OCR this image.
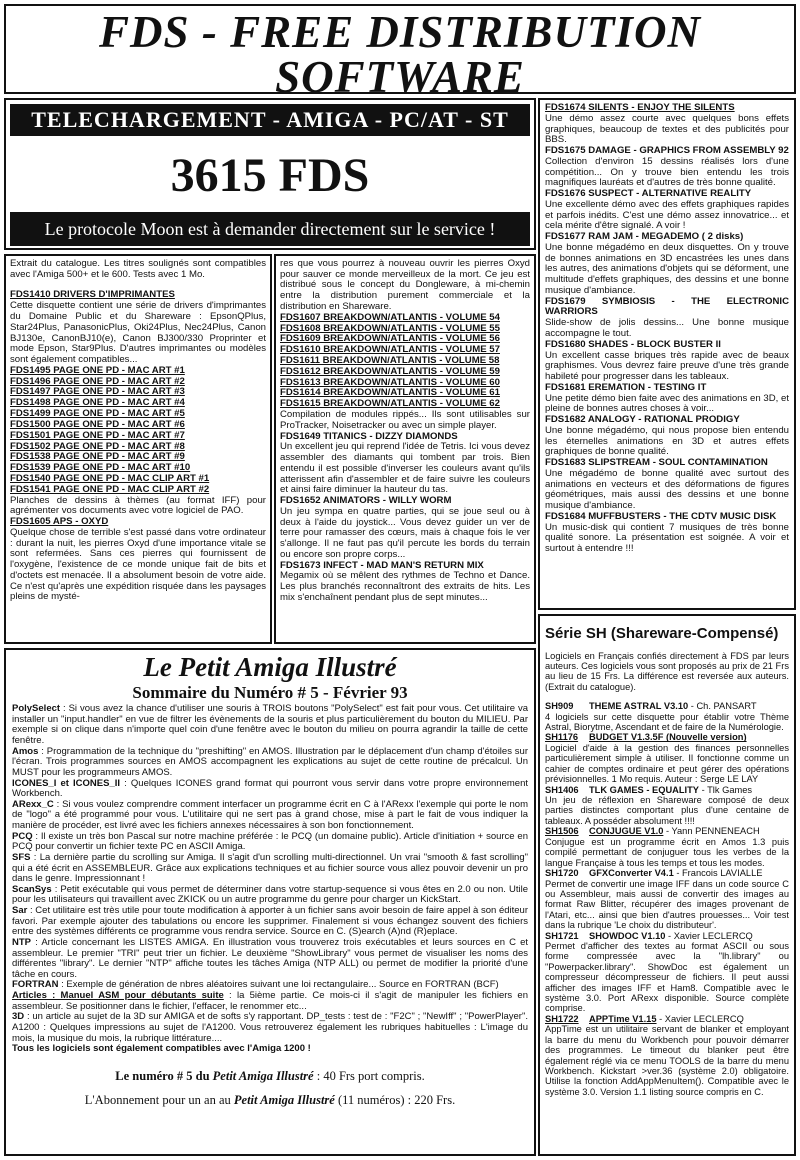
FDS - FREE DISTRIBUTION SOFTWARE
TELECHARGEMENT - AMIGA - PC/AT - ST
3615 FDS
Le protocole Moon est à demander directement sur le service !

Extrait du catalogue. Les titres soulignés sont compatibles avec l'Amiga 500+ et le 600. Tests avec 1 Mo.

FDS1410 DRIVERS D'IMPRIMANTES

Cette disquette contient une série de drivers d'imprimantes du Domaine Public et du Shareware : EpsonQPlus, Star24Plus, PanasonicPlus, Oki24Plus, Nec24Plus, Canon BJ130e, CanonBJ10(e), Canon BJ300/330 Proprinter et mode Epson, Star9Plus. D'autres imprimantes ou modèles sont également compatibles...

FDS1495 PAGE ONE PD - MAC ART #1
FDS1496 PAGE ONE PD - MAC ART #2
FDS1497 PAGE ONE PD - MAC ART #3
FDS1498 PAGE ONE PD - MAC ART #4
FDS1499 PAGE ONE PD - MAC ART #5
FDS1500 PAGE ONE PD - MAC ART #6
FDS1501 PAGE ONE PD - MAC ART #7
FDS1502 PAGE ONE PD - MAC ART #8
FDS1538 PAGE ONE PD - MAC ART #9
FDS1539 PAGE ONE PD - MAC ART #10
FDS1540 PAGE ONE PD - MAC CLIP ART #1
FDS1541 PAGE ONE PD - MAC CLIP ART #2

Planches de dessins à thèmes (au format IFF) pour agrémenter vos documents avec votre logiciel de PAO.

FDS1605 APS - OXYD

Quelque chose de terrible s'est passé dans votre ordinateur : durant la nuit, les pierres Oxyd d'une importance vitale se sont refermées. Sans ces pierres qui fournissent de l'oxygène, l'existence de ce monde unique fait de bits et d'octets est menacée. Il a absolument besoin de votre aide. Ce n'est qu'après une expédition risquée dans les paysages pleins de mysté-

res que vous pourrez à nouveau ouvrir les pierres Oxyd pour sauver ce monde merveilleux de la mort. Ce jeu est distribué sous le concept du Dongleware, à mi-chemin entre la distribution purement commerciale et la distribution en Shareware.

FDS1607 BREAKDOWN/ATLANTIS - VOLUME 54
FDS1608 BREAKDOWN/ATLANTIS - VOLUME 55
FDS1609 BREAKDOWN/ATLANTIS - VOLUME 56
FDS1610 BREAKDOWN/ATLANTIS - VOLUME 57
FDS1611 BREAKDOWN/ATLANTIS - VOLUME 58
FDS1612 BREAKDOWN/ATLANTIS - VOLUME 59
FDS1613 BREAKDOWN/ATLANTIS - VOLUME 60
FDS1614 BREAKDOWN/ATLANTIS - VOLUME 61
FDS1615 BREAKDOWN/ATLANTIS - VOLUME 62

Compilation de modules rippés... Ils sont utilisables sur ProTracker, Noisetracker ou avec un simple player.

FDS1649 TITANICS - DIZZY DIAMONDS

Un excellent jeu qui reprend l'idée de Tetris. Ici vous devez assembler des diamants qui tombent par trois. Bien entendu il est possible d'inverser les couleurs avant qu'ils atterissent afin d'assembler et de faire suivre les couleurs et ainsi faire diminuer la hauteur du tas.

FDS1652 ANIMATORS - WILLY WORM

Un jeu sympa en quatre parties, qui se joue seul ou à deux à l'aide du joystick... Vous devez guider un ver de terre pour ramasser des cœurs, mais à chaque fois le ver s'allonge. Il ne faut pas qu'il percute les bords du terrain ou encore son propre corps...

FDS1673 INFECT - MAD MAN'S RETURN MIX

Megamix où se mêlent des rythmes de Techno et Dance. Les plus branchés reconnaîtront des extraits de hits. Les mix s'enchaînent pendant plus de sept minutes...

FDS1674 SILENTS - ENJOY THE SILENTS

Une démo assez courte avec quelques bons effets graphiques, beaucoup de textes et des publicités pour BBS.

FDS1675 DAMAGE - GRAPHICS FROM ASSEMBLY 92

Collection d'environ 15 dessins réalisés lors d'une compétition... On y trouve bien entendu les trois magnifiques lauréats et d'autres de très bonne qualité.

FDS1676 SUSPECT - ALTERNATIVE REALITY

Une excellente démo avec des effets graphiques rapides et parfois inédits. C'est une démo assez innovatrice... et cela mérite d'être signalé. A voir !

FDS1677 RAM JAM - MEGADEMO ( 2 disks)

Une bonne mégadémo en deux disquettes. On y trouve de bonnes animations en 3D encastrées les unes dans les autres, des animations d'objets qui se déforment, une multitude d'effets graphiques, des dessins et une bonne musique d'ambiance.

FDS1679 SYMBIOSIS - THE ELECTRONIC WARRIORS

Slide-show de jolis dessins... Une bonne musique accompagne le tout.

FDS1680 SHADES - BLOCK BUSTER II

Un excellent casse briques très rapide avec de beaux graphismes. Vous devrez faire preuve d'une très grande habileté pour progresser dans les tableaux.

FDS1681 EREMATION - TESTING IT

Une petite démo bien faite avec des animations en 3D, et pleine de bonnes autres choses à voir...

FDS1682 ANALOGY - RATIONAL PRODIGY

Une bonne mégadémo, qui nous propose bien entendu les éternelles animations en 3D et autres effets graphiques de bonne qualité.

FDS1683 SLIPSTREAM - SOUL CONTAMINATION

Une mégadémo de bonne qualité avec surtout des animations en vecteurs et des déformations de figures géométriques, mais aussi des dessins et une bonne musique d'ambiance.

FDS1684 MUFFBUSTERS - THE CDTV MUSIC DISK

Un music-disk qui contient 7 musiques de très bonne qualité sonore. La présentation est soignée. A voir et surtout à entendre !!!

Série SH (Shareware-Compensé)

Logiciels en Français confiés directement à FDS par leurs auteurs. Ces logiciels vous sont proposés au prix de 21 Frs au lieu de 15 Frs. La différence est reversée aux auteurs. (Extrait du catalogue).

SH909 THEME ASTRAL V3.10 - Ch. PANSART

4 logiciels sur cette disquette pour établir votre Thème Astral, Biorytme, Ascendant et de faire de la Numérologie.

SH1176 BUDGET V1.3.5F (Nouvelle version)

Logiciel d'aide à la gestion des finances personnelles particulièrement simple à utiliser. Il fonctionne comme un cahier de comptes ordinaire et peut gérer des opérations prévisionnelles. 1 Mo requis. Auteur : Serge LE LAY

SH1406 TLK GAMES - EQUALITY - Tlk Games

Un jeu de réflexion en Shareware composé de deux parties distinctes comportant plus d'une centaine de tableaux. A posséder absolument !!!!

SH1506 CONJUGUE V1.0 - Yann PENNENEACH

Conjugue est un programme écrit en Amos 1.3 puis compilé permettant de conjuguer tous les verbes de la langue Française à tous les temps et tous les modes.

SH1720 GFXConverter V4.1 - Francois LAVIALLE

Permet de convertir une image IFF dans un code source C ou Assembleur, mais aussi de convertir des images au format Raw Blitter, récupérer des images provenant de l'Atari, etc... ainsi que bien d'autres prouesses... Voir test dans la rubrique 'Le choix du distributeur'.

SH1721 SHOWDOC V1.10 - Xavier LECLERCQ

Permet d'afficher des textes au format ASCII ou sous forme compressée avec la "lh.library" ou "Powerpacker.library". ShowDoc est également un compresseur décompresseur de fichiers. Il peut aussi afficher des images IFF et Ham8. Compatible avec le système 3.0. Port ARexx disponible. Source complète comprise.

SH1722 APPTime V1.15 - Xavier LECLERCQ

AppTime est un utilitaire servant de blanker et employant la barre du menu du Workbench pour pouvoir démarrer des programmes. Le timeout du blanker peut être également réglé via ce menu TOOLS de la barre du menu Workbench. Kickstart >ver.36 (système 2.0) obligatoire. Utilise la fonction AddAppMenuItem(). Compatible avec le système 3.0. Version 1.1 listing source compris en C.

Le Petit Amiga Illustré
Sommaire du Numéro # 5 - Février 93

PolySelect : Si vous avez la chance d'utiliser une souris à TROIS boutons "PolySelect" est fait pour vous. Cet utilitaire va installer un "input.handler" en vue de filtrer les évènements de la souris et plus particulièrement du bouton du MILIEU. Par exemple si on clique dans n'importe quel coin d'une fenêtre avec le bouton du milieu on pourra agrandir la taille de cette fenêtre.

Amos : Programmation de la technique du "preshifting" en AMOS. Illustration par le déplacement d'un champ d'étoiles sur l'écran. Trois programmes sources en AMOS accompagnent les explications au sujet de cette routine de précalcul. Un MUST pour les programmeurs AMOS.

ICONES_I et ICONES_II : Quelques ICONES grand format qui pourront vous servir dans votre propre environnement Workbench.

ARexx_C : Si vous voulez comprendre comment interfacer un programme écrit en C à l'ARexx l'exemple qui porte le nom de "logo" a été programmé pour vous. L'utilitaire qui ne sert pas à grand chose, mise à part le fait de vous indiquer la manière de procéder, est livré avec les fichiers annexes nécessaires à son bon fonctionnement.

PCQ : Il existe un très bon Pascal sur notre machine préférée : le PCQ (un domaine public). Article d'initiation + source en PCQ pour convertir un fichier texte PC en ASCII Amiga.

SFS : La dernière partie du scrolling sur Amiga. Il s'agit d'un scrolling multi-directionnel. Un vrai "smooth & fast scrolling" qui a été écrit en ASSEMBLEUR. Grâce aux explications techniques et au fichier source vous allez pouvoir devenir un pro dans le genre. Impressionnant !

ScanSys : Petit exécutable qui vous permet de déterminer dans votre startup-sequence si vous êtes en 2.0 ou non. Utile pour les utilisateurs qui travaillent avec ZKICK ou un autre programme du genre pour charger un KickStart.

Sar : Cet utilitaire est très utile pour toute modification à apporter à un fichier sans avoir besoin de faire appel à son éditeur favori. Par exemple ajouter des tabulations ou encore les supprimer. Finalement si vous échangez souvent des fichiers entre des systèmes différents ce programme vous rendra service. Source en C. (S)earch (A)nd (R)eplace.

NTP : Article concernant les LISTES AMIGA. En illustration vous trouverez trois exécutables et leurs sources en C et assembleur. Le premier "TRI" peut trier un fichier. Le deuxième "ShowLibrary" vous permet de visualiser les noms des différentes "library". Le dernier "NTP" affiche toutes les tâches Amiga (NTP ALL) ou permet de modifier la priorité d'une tâche en cours.

FORTRAN : Exemple de génération de nbres aléatoires suivant une loi rectangulaire... Source en FORTRAN (BCF)

Articles : Manuel ASM pour débutants suite : la 5ième partie. Ce mois-ci il s'agit de manipuler les fichiers en assembleur. Se positionner dans le fichier, l'effacer, le renommer etc...

3D : un article au sujet de la 3D sur AMIGA et de softs s'y rapportant. DP_tests : test de : "F2C" ; "NewIff" ; "PowerPlayer". A1200 : Quelques impressions au sujet de l'A1200. Vous retrouverez également les rubriques habituelles : L'image du mois, la musique du mois, la rubrique littérature....

Tous les logiciels sont également compatibles avec l'Amiga 1200 !
Le numéro # 5 du Petit Amiga Illustré : 40 Frs port compris.
L'Abonnement pour un an au Petit Amiga Illustré (11 numéros) : 220 Frs.
